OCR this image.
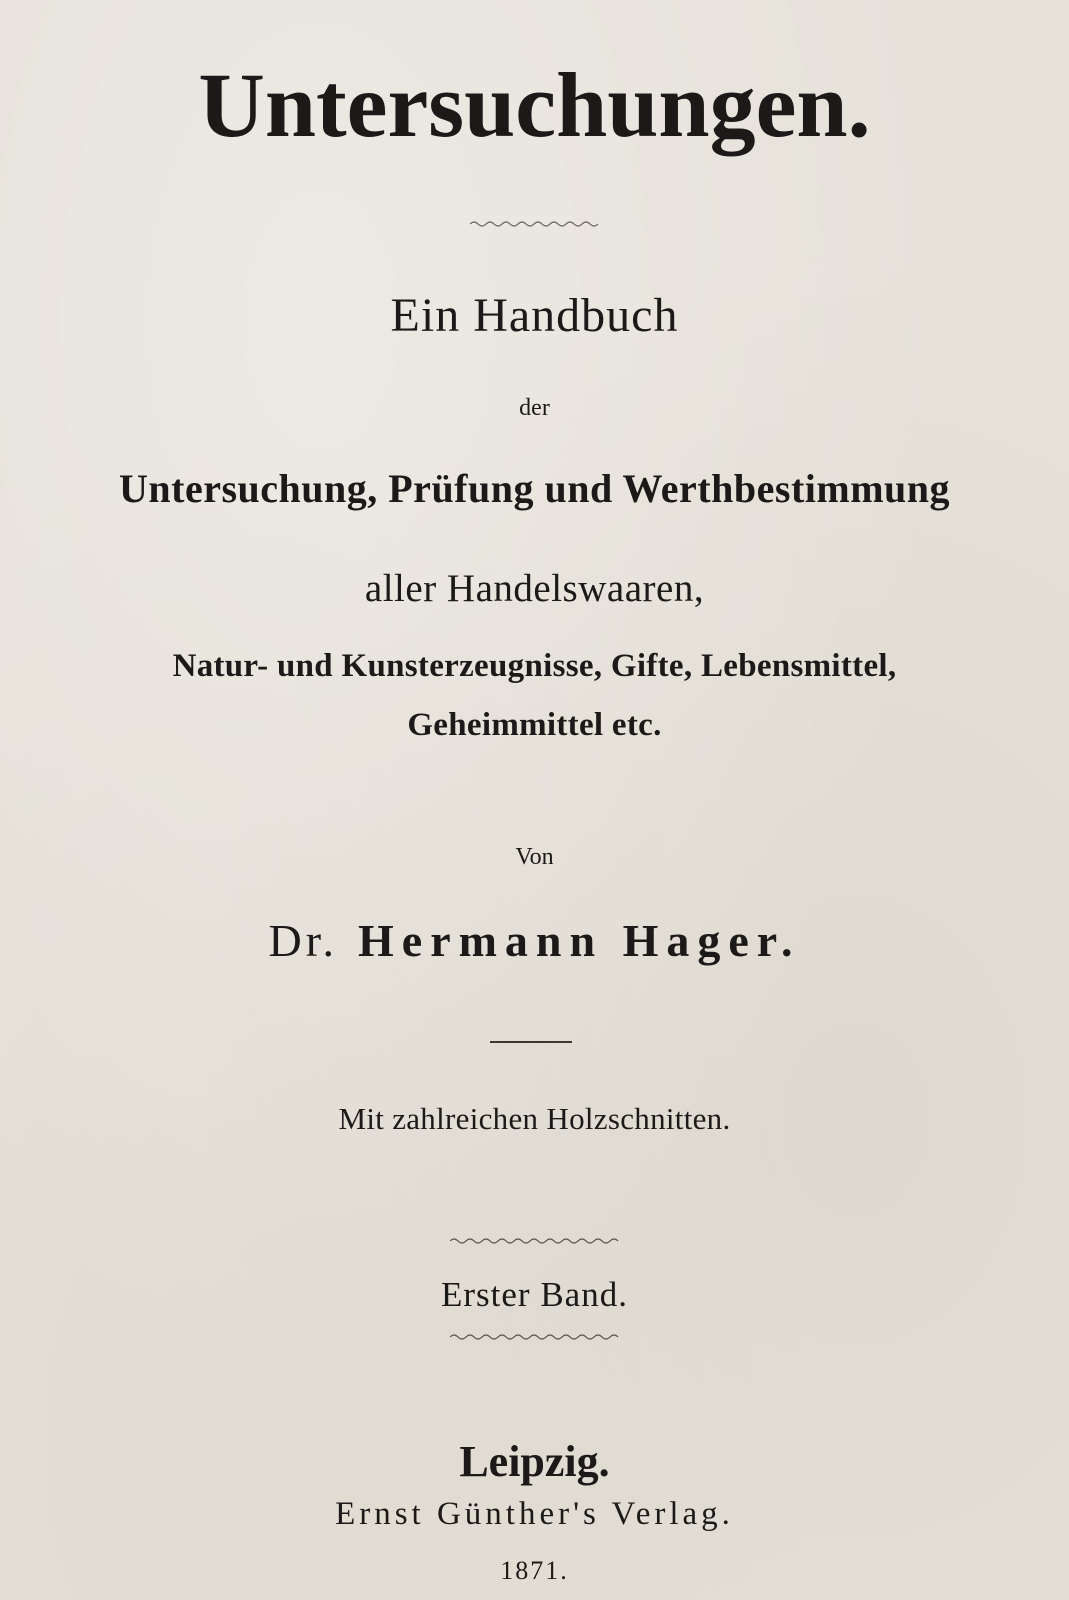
Untersuchungen.
Ein Handbuch
der
Untersuchung, Prüfung und Werthbestimmung
aller Handelswaaren,
Natur- und Kunsterzeugnisse, Gifte, Lebensmittel,
Geheimmittel etc.
Von
Dr. Hermann Hager.
Mit zahlreichen Holzschnitten.
Erster Band.
Leipzig.
Ernst Günther's Verlag.
1871.
